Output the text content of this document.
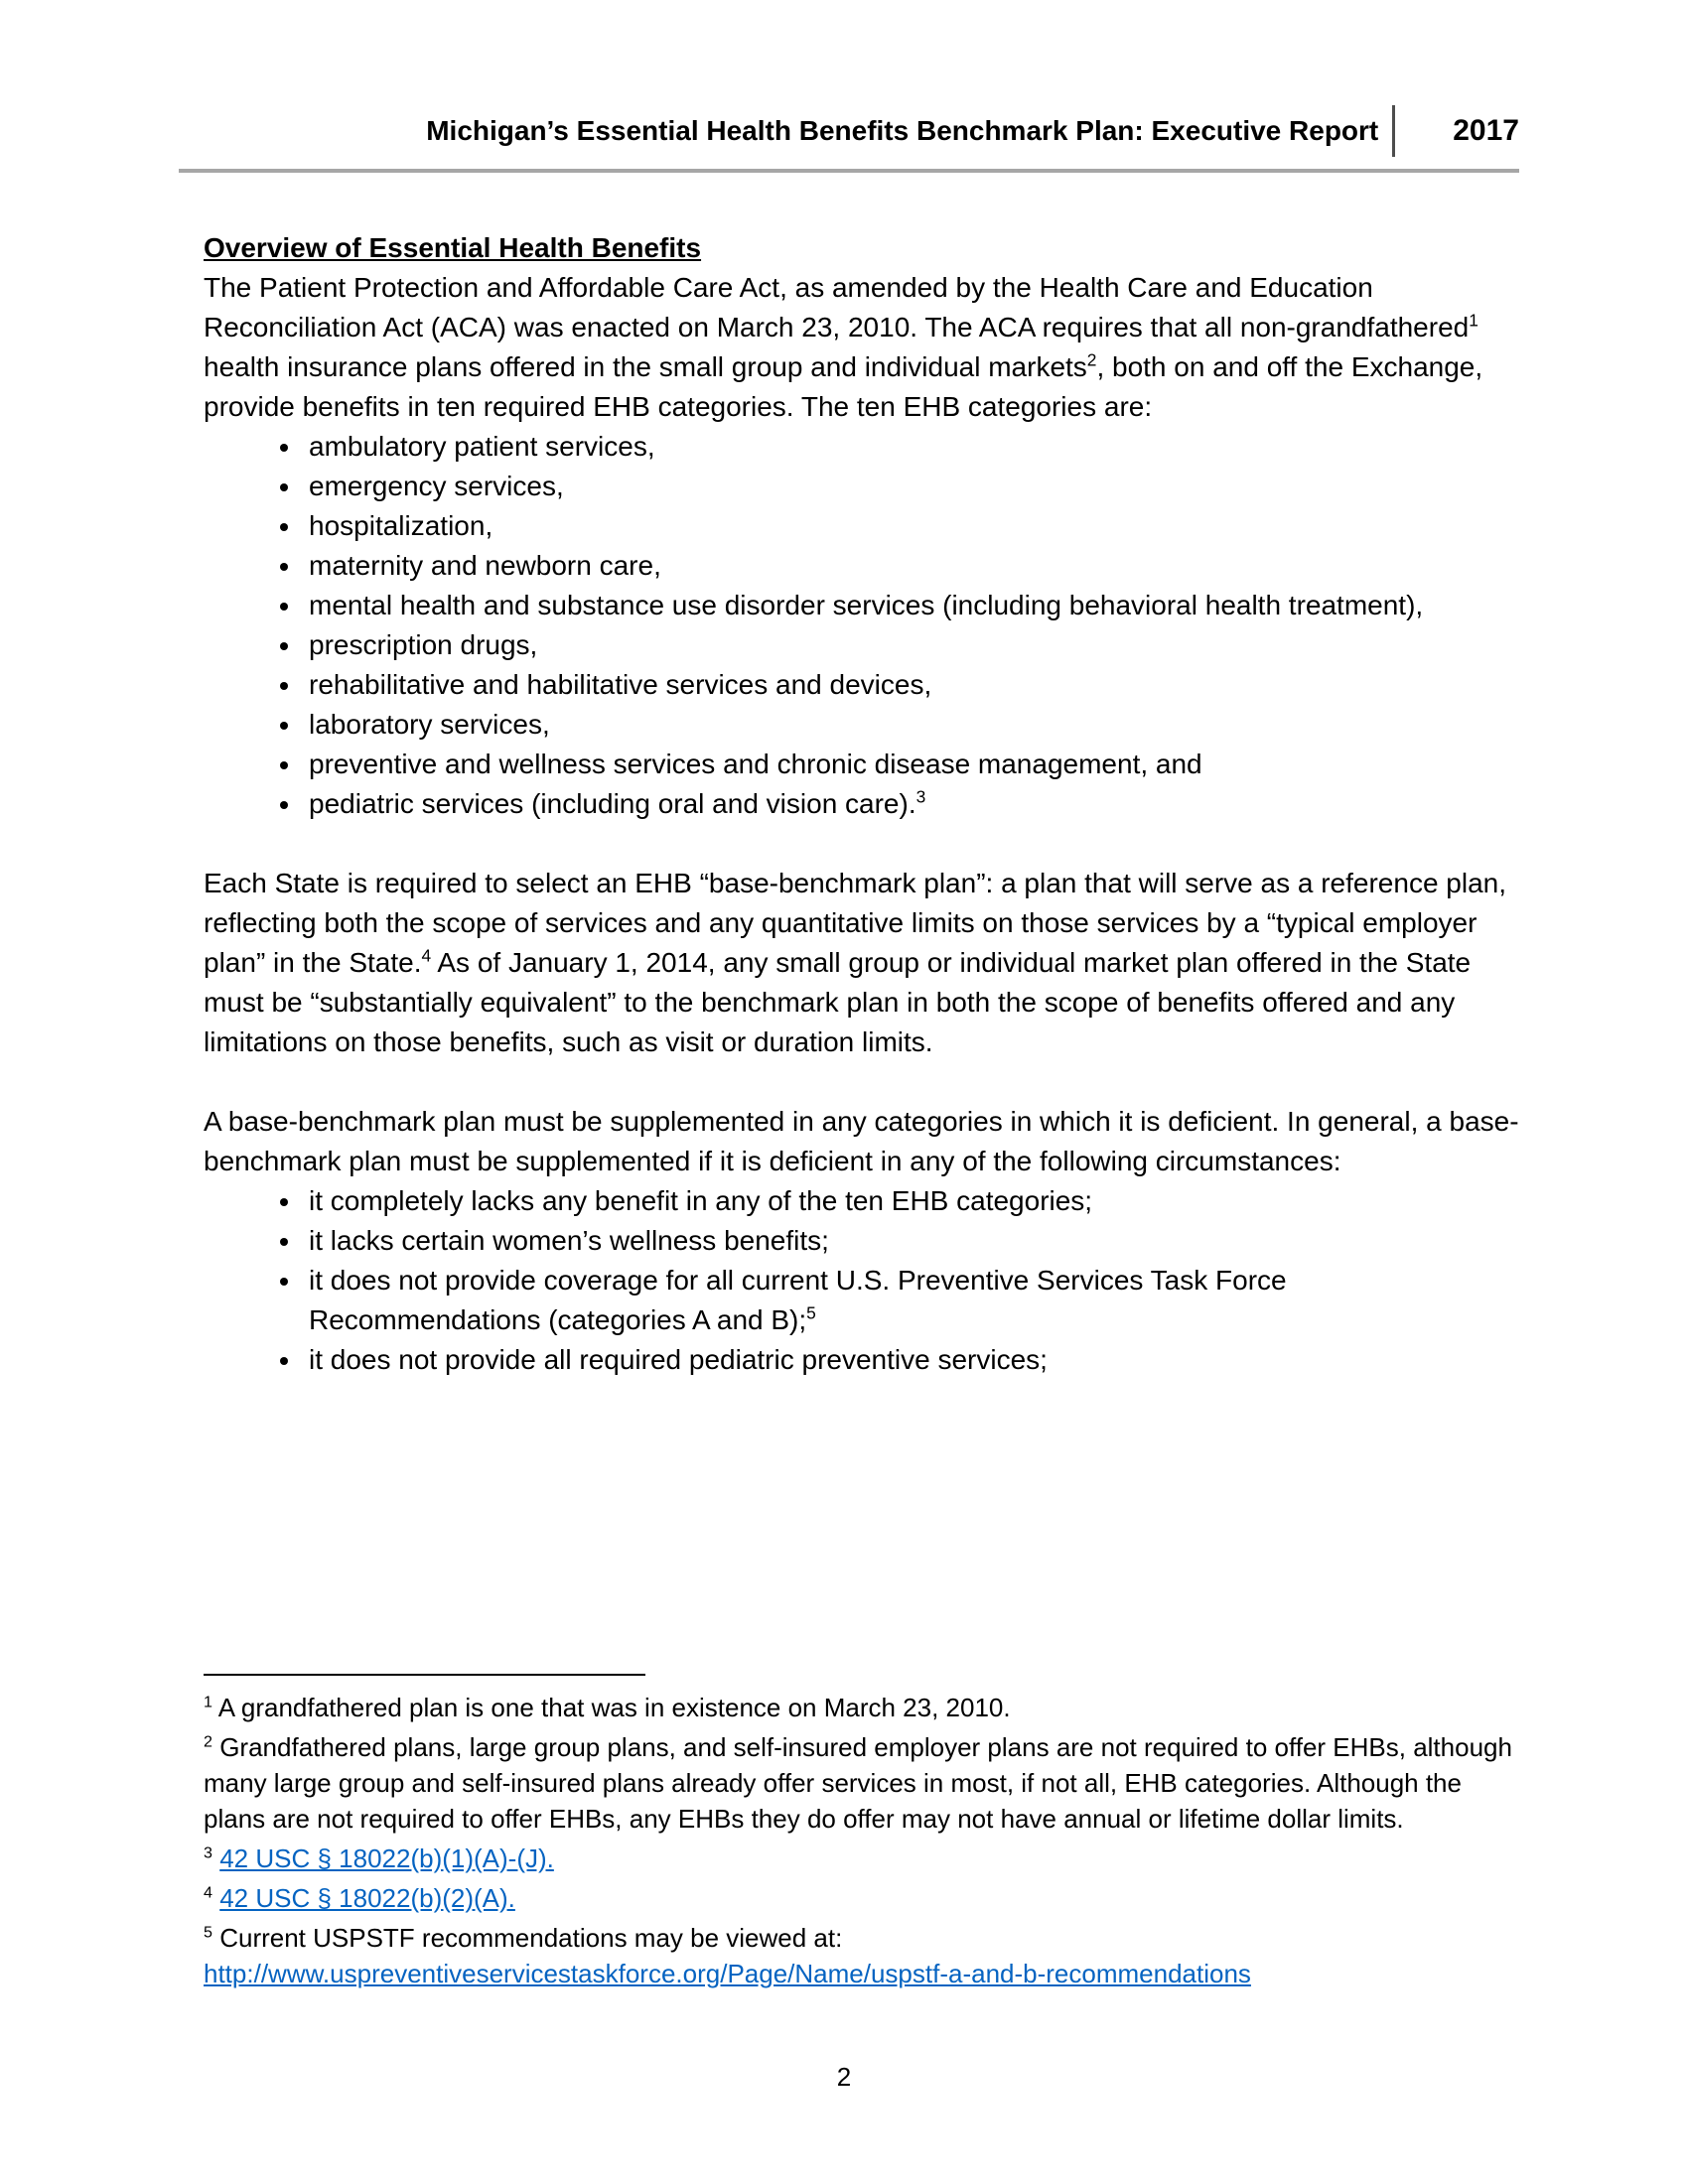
Michigan’s Essential Health Benefits Benchmark Plan: Executive Report	2017
Overview of Essential Health Benefits

The Patient Protection and Affordable Care Act, as amended by the Health Care and Education Reconciliation Act (ACA) was enacted on March 23, 2010. The ACA requires that all non-grandfathered$^1$ health insurance plans offered in the small group and individual markets$^2$, both on and off the Exchange, provide benefits in ten required EHB categories. The ten EHB categories are:

• ambulatory patient services,
• emergency services,
• hospitalization,
• maternity and newborn care,
• mental health and substance use disorder services (including behavioral health treatment),
• prescription drugs,
• rehabilitative and habilitative services and devices,
• laboratory services,
• preventive and wellness services and chronic disease management, and
• pediatric services (including oral and vision care).$^3$

Each State is required to select an EHB “base-benchmark plan”: a plan that will serve as a reference plan, reflecting both the scope of services and any quantitative limits on those services by a “typical employer plan” in the State.$^4$ As of January 1, 2014, any small group or individual market plan offered in the State must be “substantially equivalent” to the benchmark plan in both the scope of benefits offered and any limitations on those benefits, such as visit or duration limits.

A base-benchmark plan must be supplemented in any categories in which it is deficient. In general, a base-benchmark plan must be supplemented if it is deficient in any of the following circumstances:

• it completely lacks any benefit in any of the ten EHB categories;
• it lacks certain women’s wellness benefits;
• it does not provide coverage for all current U.S. Preventive Services Task Force Recommendations (categories A and B);$^5$
• it does not provide all required pediatric preventive services;

$^1$ A grandfathered plan is one that was in existence on March 23, 2010.

$^2$ Grandfathered plans, large group plans, and self-insured employer plans are not required to offer EHBs, although many large group and self-insured plans already offer services in most, if not all, EHB categories. Although the plans are not required to offer EHBs, any EHBs they do offer may not have annual or lifetime dollar limits.

$^3$ 42 USC § 18022(b)(1)(A)-(J).

$^4$ 42 USC § 18022(b)(2)(A).

$^5$ Current USPSTF recommendations may be viewed at:
http://www.uspreventiveservicestaskforce.org/Page/Name/uspstf-a-and-b-recommendations

2
